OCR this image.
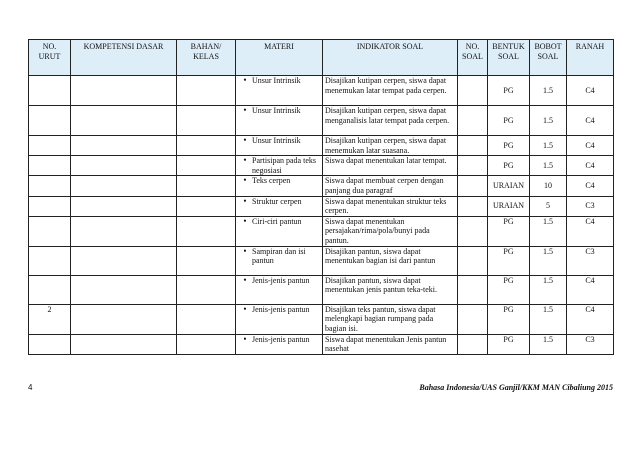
NO. URUT	KOMPETENSI DASAR	BAHAN/ KELAS	MATERI	INDIKATOR SOAL	NO. SOAL	BENTUK SOAL	BOBOT SOAL	RANAH

			• Unsur Intrinsik	Disajikan kutipan cerpen, siswa dapat menemukan latar tempat pada cerpen.		PG	1.5	C4

			• Unsur Intrinsik	Disajikan kutipan cerpen, siswa dapat menganalisis latar tempat pada cerpen.		PG	1.5	C4

			• Unsur Intrinsik	Disajikan kutipan cerpen, siswa dapat menemukan latar suasana.		PG	1.5	C4

			• Partisipan pada teks negosiasi	Siswa dapat menentukan latar tempat.		PG	1.5	C4

			• Teks cerpen	Siswa dapat membuat cerpen dengan panjang dua paragraf		URAIAN	10	C4

			• Struktur cerpen	Siswa dapat menentukan struktur teks cerpen.		URAIAN	5	C3

			• Ciri-ciri pantun	Siswa dapat menentukan persajakan/rima/pola/bunyi pada pantun.		PG	1.5	C4

			• Sampiran dan isi pantun	Disajikan pantun, siswa dapat menentukan bagian isi dari pantun		PG	1.5	C3

			• Jenis-jenis pantun	Disajikan pantun, siswa dapat menentukan jenis pantun teka-teki.		PG	1.5	C4
2			• Jenis-jenis pantun	Disajikan teks pantun, siswa dapat melengkapi bagian rumpang pada bagian isi.		PG	1.5	C4

			• Jenis-jenis pantun	Siswa dapat menentukan Jenis pantun nasehat		PG	1.5	C3
4	Bahasa Indonesia/UAS Ganjil/KKM MAN Cibaliung 2015
